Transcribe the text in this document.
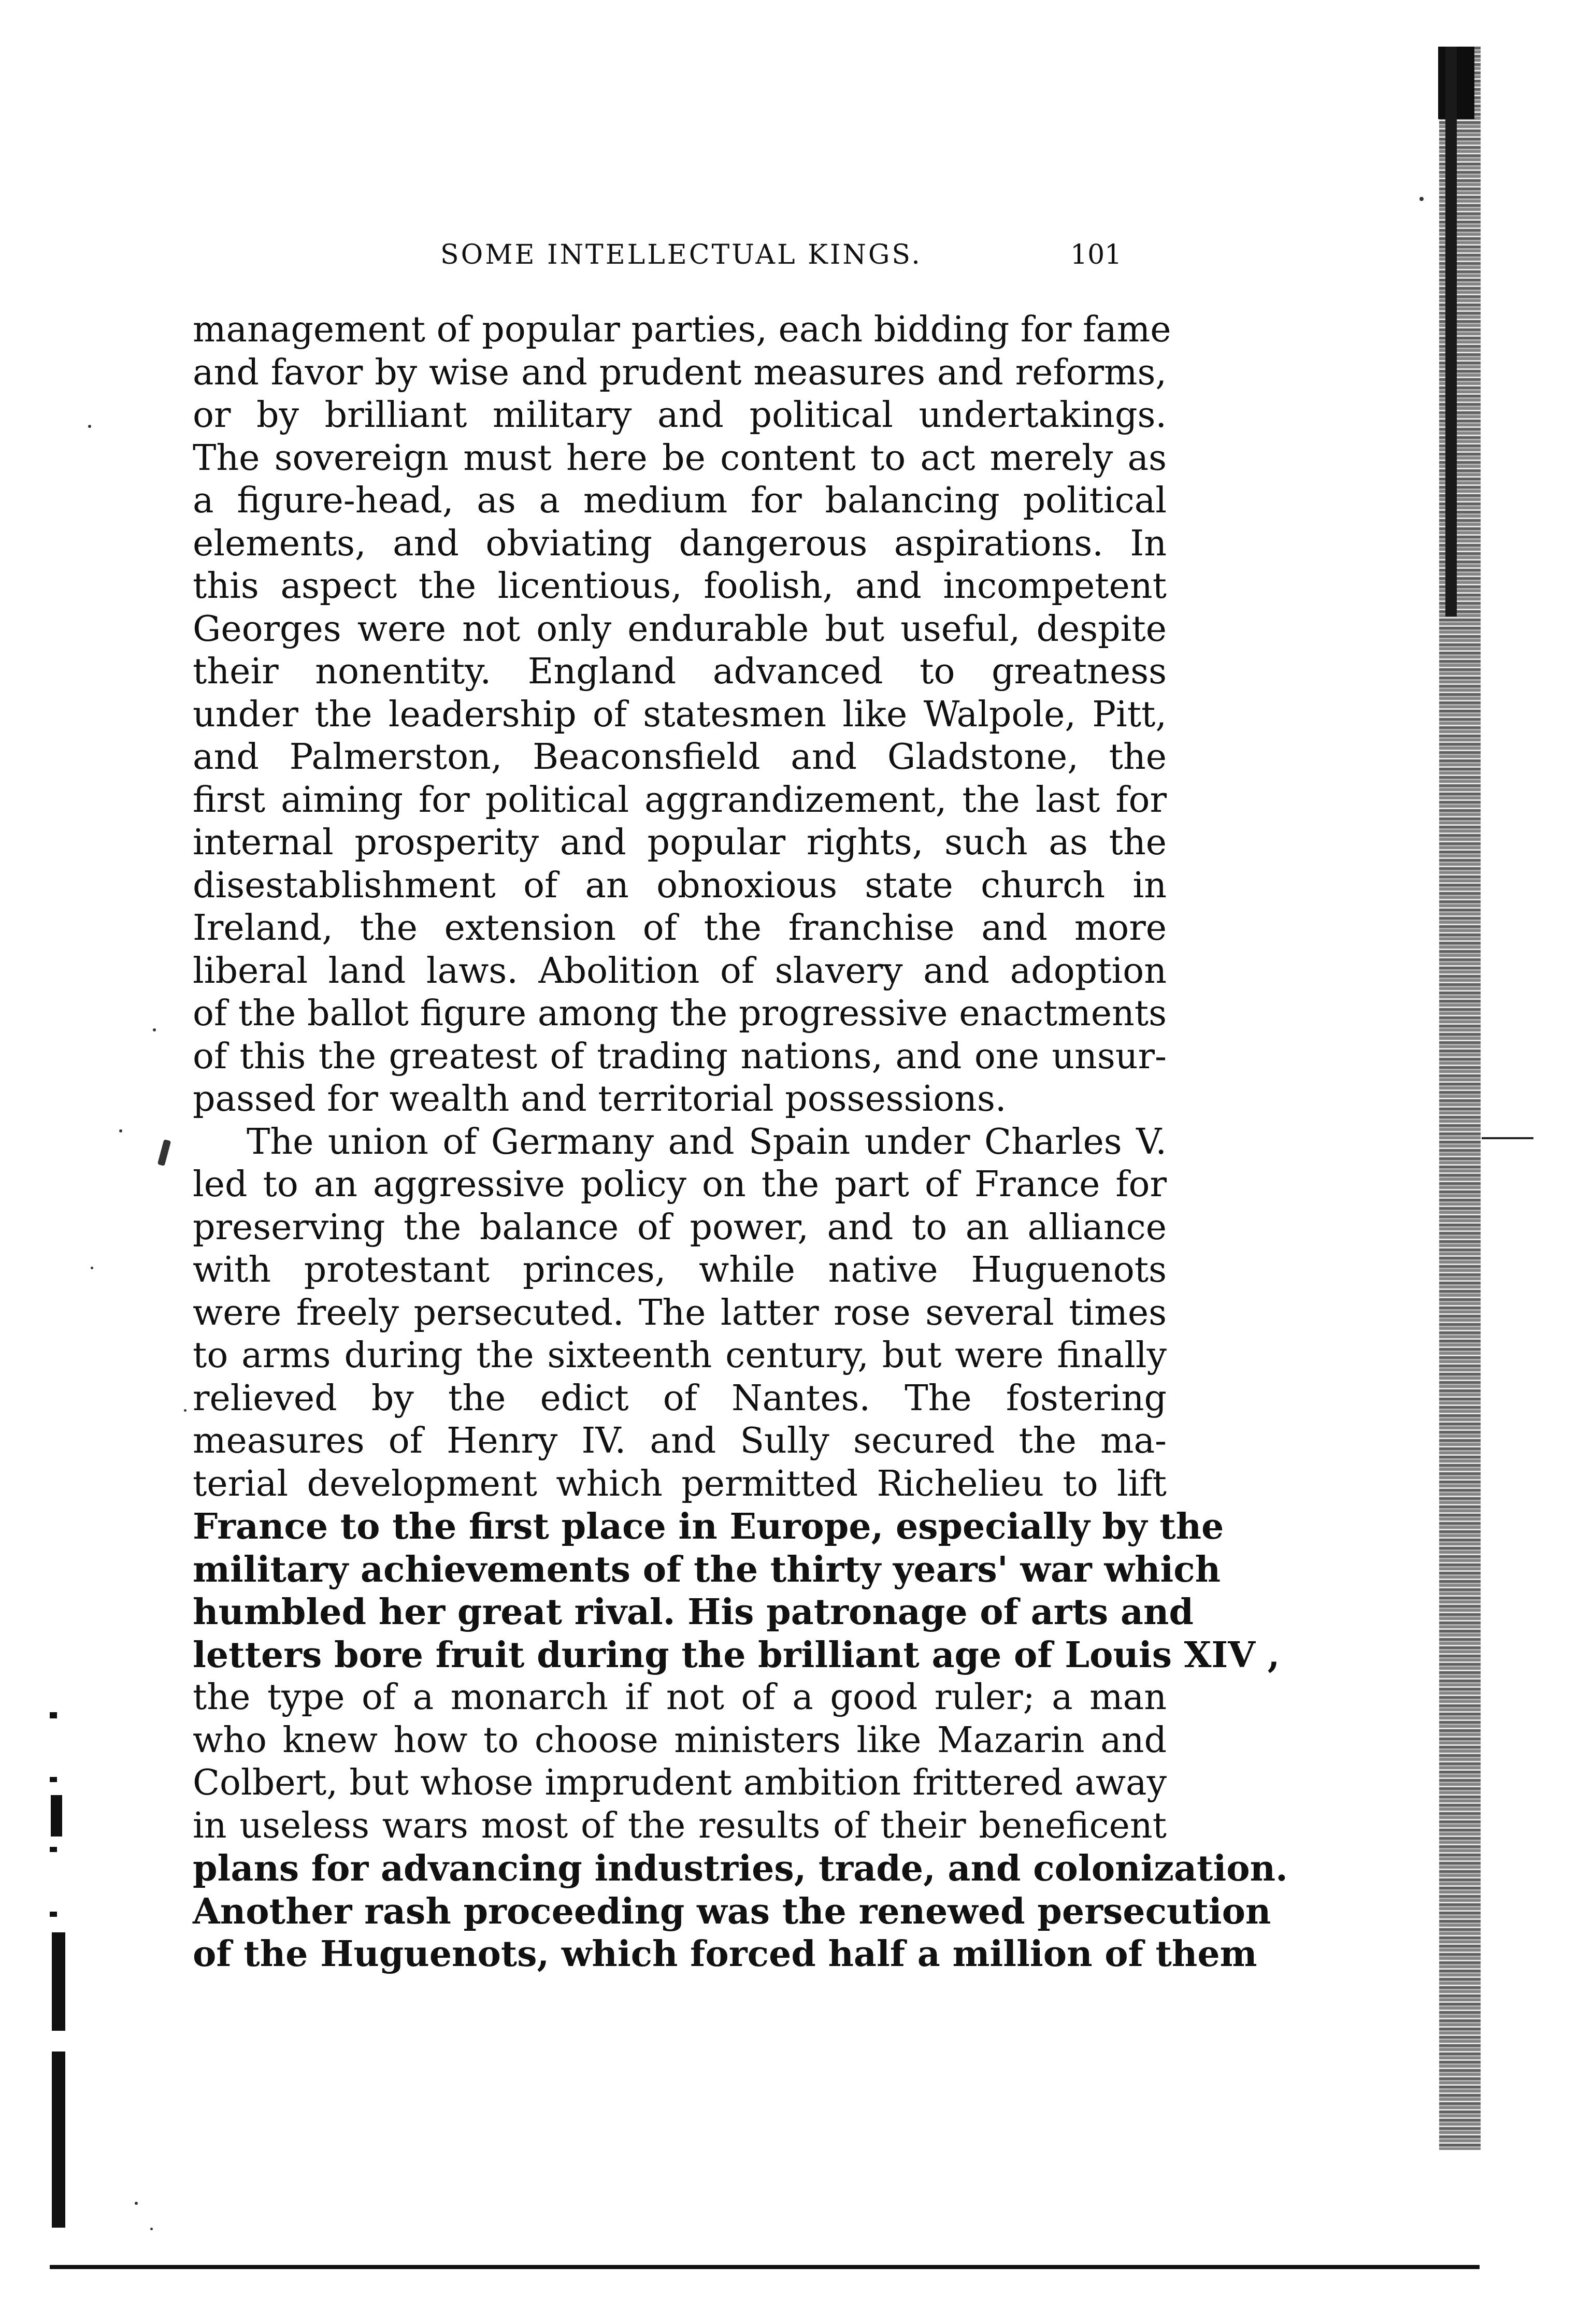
SOME INTELLECTUAL KINGS.	101
management of popular parties, each bidding for fame
and favor by wise and prudent measures and reforms,
or by brilliant military and political undertakings.
The sovereign must here be content to act merely as
a figure-head, as a medium for balancing political
elements, and obviating dangerous aspirations. In
this aspect the licentious, foolish, and incompetent
Georges were not only endurable but useful, despite
their nonentity. England advanced to greatness
under the leadership of statesmen like Walpole, Pitt,
and Palmerston, Beaconsfield and Gladstone, the
first aiming for political aggrandizement, the last for
internal prosperity and popular rights, such as the
disestablishment of an obnoxious state church in
Ireland, the extension of the franchise and more
liberal land laws. Abolition of slavery and adoption
of the ballot figure among the progressive enactments
of this the greatest of trading nations, and one unsur-
passed for wealth and territorial possessions.
The union of Germany and Spain under Charles V.
led to an aggressive policy on the part of France for
preserving the balance of power, and to an alliance
with protestant princes, while native Huguenots
were freely persecuted. The latter rose several times
to arms during the sixteenth century, but were finally
relieved by the edict of Nantes. The fostering
measures of Henry IV. and Sully secured the ma-
terial development which permitted Richelieu to lift
France to the first place in Europe, especially by the
military achievements of the thirty years' war which
humbled her great rival. His patronage of arts and
letters bore fruit during the brilliant age of Louis XIV ,
the type of a monarch if not of a good ruler; a man
who knew how to choose ministers like Mazarin and
Colbert, but whose imprudent ambition frittered away
in useless wars most of the results of their beneficent
plans for advancing industries, trade, and colonization.
Another rash proceeding was the renewed persecution
of the Huguenots, which forced half a million of them
